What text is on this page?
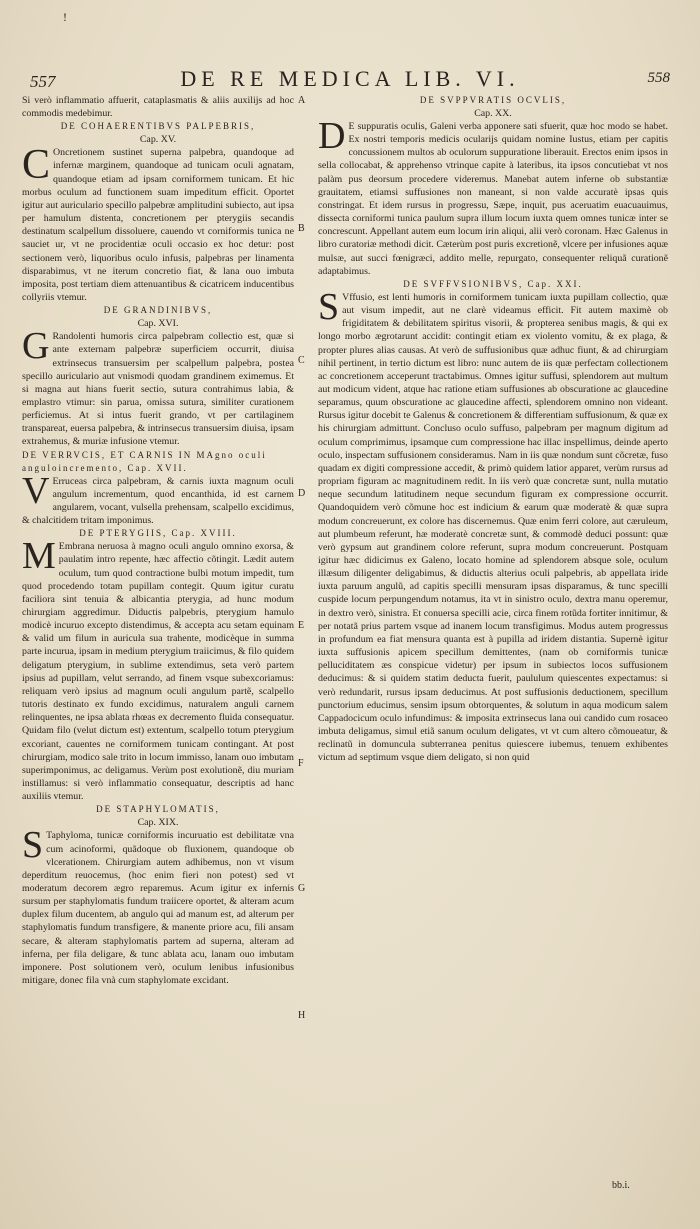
!
557	DE RE MEDICA LIB. VI.	558
A
B
C
D
E
F
G
H

Si verò inflammatio affuerit, cataplasmatis & aliis auxilijs ad hoc commodis medebimur.

DE COHAERENTIBVS PALPEBRIS,

Cap. XV.

C Oncretionem sustinet superna palpebra, quandoque ad infernæ marginem, quandoque ad tunicam oculi agnatam, quandoque etiam ad ipsam corniformem tunicam. Et hic morbus oculum ad functionem suam impeditum efficit. Oportet igitur aut auriculario specillo palpebræ amplitudini subiecto, aut ipsa per hamulum distenta, concretionem per pterygiis secandis destinatum scalpellum dissoluere, cauendo vt corniformis tunica ne sauciet ur, vt ne procidentiæ oculi occasio ex hoc detur: post sectionem verò, liquoribus oculo infusis, palpebras per linamenta disparabimus, vt ne iterum concretio fiat, & lana ouo imbuta imposita, post tertiam diem attenuantibus & cicatricem inducentibus collyriis vtemur.

DE GRANDINIBVS,

Cap. XVI.

G Randolenti humoris circa palpebram collectio est, quæ si ante externam palpebræ superficiem occurrit, diuisa extrinsecus transuersim per scalpellum palpebra, postea specillo auriculario aut vnismodi quodam grandinem eximemus. Et si magna aut hians fuerit sectio, sutura contrahimus labia, & emplastro vtimur: sin parua, omissa sutura, similiter curationem perficiemus. At si intus fuerit grando, vt per cartilaginem transpareat, euersa palpebra, & intrinsecus transuersim diuisa, ipsam extrahemus, & muriæ infusione vtemur.

DE VERRVCIS, ET CARNIS IN MAgno oculi anguloincremento, Cap. XVII.

V Erruceas circa palpebram, & carnis iuxta magnum oculi angulum incrementum, quod encanthida, id est carnem angularem, vocant, vulsella prehensam, scalpello excidimus, & chalcitidem tritam imponimus.

DE PTERYGIIS, Cap. XVIII.

M Embrana neruosa à magno oculi angulo omnino exorsa, & paulatim intro repente, hæc affectio cõtingit. Lædit autem oculum, tum quod contractione bulbi motum impedit, tum quod procedendo totam pupillam contegit. Quum igitur curatu faciliora sint tenuia & albicantia pterygia, ad hunc modum chirurgiam aggredimur. Diductis palpebris, pterygium hamulo modicè incuruo excepto distendimus, & accepta acu setam equinam & valid um filum in auricula sua trahente, modicèque in summa parte incurua, ipsam in medium pterygium traiicimus, & filo quidem deligatum pterygium, in sublime extendimus, seta verò partem ipsius ad pupillam, velut serrando, ad finem vsque subexcoriamus: reliquam verò ipsius ad magnum oculi angulum partẽ, scalpello tutoris destinato ex fundo excidimus, naturalem anguli carnem relinquentes, ne ipsa ablata rhœas ex decremento fluida consequatur. Quidam filo (velut dictum est) extentum, scalpello totum pterygium excoriant, cauentes ne corniformem tunicam contingant. At post chirurgiam, modico sale trito in locum immisso, lanam ouo imbutam superimponimus, ac deligamus. Verùm post exolutionẽ, diu muriam instillamus: si verò inflammatio consequatur, descriptis ad hanc auxiliis vtemur.

DE STAPHYLOMATIS,

Cap. XIX.

S Taphyloma, tunicæ corniformis incuruatio est debilitatæ vna cum acinoformi, quãdoque ob fluxionem, quandoque ob vlcerationem. Chirurgiam autem adhibemus, non vt visum deperditum reuocemus, (hoc enim fieri non potest) sed vt moderatum decorem ægro reparemus. Acum igitur ex infernis sursum per staphylomatis fundum traiicere oportet, & alteram acum duplex filum ducentem, ab angulo qui ad manum est, ad alterum per staphylomatis fundum transfigere, & manente priore acu, fili ansam secare, & alteram staphylomatis partem ad superna, alteram ad inferna, per fila deligare, & tunc ablata acu, lanam ouo imbutam imponere. Post solutionem verò, oculum lenibus infusionibus mitigare, donec fila vnà cum staphylomate excidant.

DE SVPPVRATIS OCVLIS,

Cap. XX.

D E suppuratis oculis, Galeni verba apponere sati sfuerit, quæ hoc modo se habet. Ex nostri temporis medicis ocularijs quidam nomine Iustus, etiam per capitis concussionem multos ab oculorum suppuratione liberauit. Erectos enim ipsos in sella collocabat, & apprehenso vtrinque capite à lateribus, ita ipsos concutiebat vt nos palàm pus deorsum procedere videremus. Manebat autem inferne ob substantiæ grauitatem, etiamsi suffusiones non maneant, si non valde accuratè ipsas quis constringat. Et idem rursus in progressu, Sæpe, inquit, pus aceruatim euacuauimus, dissecta corniformi tunica paulum supra illum locum iuxta quem omnes tunicæ inter se concrescunt. Appellant autem eum locum irin aliqui, alii verò coronam. Hæc Galenus in libro curatoriæ methodi dicit. Cæterùm post puris excretionẽ, vlcere per infusiones aquæ mulsæ, aut succi fœnigræci, addito melle, repurgato, consequenter reliquã curationẽ adaptabimus.

DE SVFFVSIONIBVS, Cap. XXI.

S Vffusio, est lenti humoris in corniformem tunicam iuxta pupillam collectio, quæ aut visum impedit, aut ne clarè videamus efficit. Fit autem maximè ob frigiditatem & debilitatem spiritus visorii, & propterea senibus magis, & qui ex longo morbo ægrotarunt accidit: contingit etiam ex violento vomitu, & ex plaga, & propter plures alias causas. At verò de suffusionibus quæ adhuc fiunt, & ad chirurgiam nihil pertinent, in tertio dictum est libro: nunc autem de iis quæ perfectam collectionem ac concretionem acceperunt tractabimus. Omnes igitur suffusi, splendorem aut multum aut modicum vident, atque hac ratione etiam suffusiones ab obscuratione ac glaucedine separamus, quum obscuratione ac glaucedine affecti, splendorem omnino non videant. Rursus igitur docebit te Galenus & concretionem & differentiam suffusionum, & quæ ex his chirurgiam admittunt. Concluso oculo suffuso, palpebram per magnum digitum ad oculum comprimimus, ipsamque cum compressione hac illac inspellimus, deinde aperto oculo, inspectam suffusionem consideramus. Nam in iis quæ nondum sunt cõcretæ, fuso quadam ex digiti compressione accedit, & primò quidem latior apparet, verùm rursus ad propriam figuram ac magnitudinem redit. In iis verò quæ concretæ sunt, nulla mutatio neque secundum latitudinem neque secundum figuram ex compressione occurrit. Quandoquidem verò cõmune hoc est indicium & earum quæ moderatè & quæ supra modum concreuerunt, ex colore has discernemus. Quæ enim ferri colore, aut cæruleum, aut plumbeum referunt, hæ moderatè concretæ sunt, & commodè deduci possunt: quæ verò gypsum aut grandinem colore referunt, supra modum concreuerunt. Postquam igitur hæc didicimus ex Galeno, locato homine ad splendorem absque sole, oculum illæsum diligenter deligabimus, & diductis alterius oculi palpebris, ab appellata iride iuxta paruum angulũ, ad capitis specilli mensuram ipsas disparamus, & tunc specilli cuspide locum perpungendum notamus, ita vt in sinistro oculo, dextra manu operemur, in dextro verò, sinistra. Et conuersa specilli acie, circa finem rotũda fortiter innitimur, & per notatã prius partem vsque ad inanem locum transfigimus. Modus autem progressus in profundum ea fiat mensura quanta est à pupilla ad iridem distantia. Supernè igitur iuxta suffusionis apicem specillum demittentes, (nam ob corniformis tunicæ pelluciditatem æs conspicue videtur) per ipsum in subiectos locos suffusionem deducimus: & si quidem statim deducta fuerit, paululum quiescentes expectamus: si verò redundarit, rursus ipsam deducimus. At post suffusionis deductionem, specillum punctorium educimus, sensim ipsum obtorquentes, & solutum in aqua modicum salem Cappadocicum oculo infundimus: & imposita extrinsecus lana oui candido cum rosaceo imbuta deligamus, simul etiã sanum oculum deligates, vt vt cum altero cõmoueatur, & reclinatũ in domuncula subterranea penitus quiescere iubemus, tenuem exhibentes victum ad septimum vsque diem deligato, si non quid

bb.i.
